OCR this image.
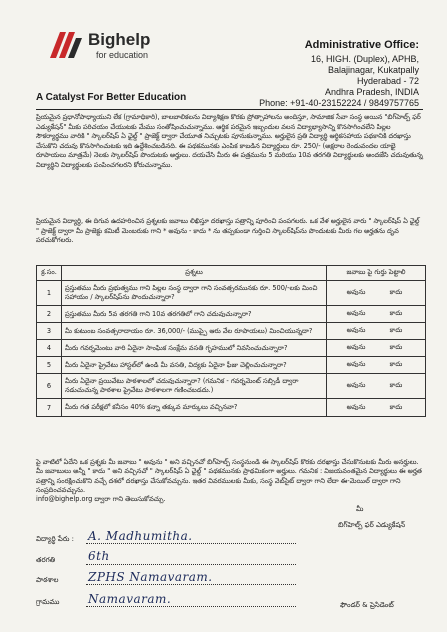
Bighelp
for education
A Catalyst For Better Education
Administrative Office:
16, HIGH. (Duplex), APHB,
Balajinagar, Kukatpally
Hyderabad - 72
Andhra Pradesh, INDIA
Phone: +91-40-23152224 / 9849757765
ప్రియమైన ప్రధానోపాధ్యాయుని లేక (గ్రామాధికారి), బాలబాలికలను విద్యాశిక్షణ కొరకు ప్రోత్సాహాలను అందిస్తూ, సామాజిక సేవా సంస్థ అయిన "బిగ్‌హెల్ప్ ఫర్ ఎడ్యుకేషన్" మీకు పరిచయం చేయుటకు మేము సంతోషించుచున్నాము. ఆర్థిక పరమైన ఇబ్బందుల వలన విద్యాభ్యాసాన్ని కొనసాగించలేని పిల్లల సౌకర్యార్థము వారికి " స్కాలర్‌షిప్ ఏ ఛైల్డ్ " ప్రాజెక్ట్ ద్వారా చేయూత నిచ్చుటకు పూనుకున్నాము. అర్హులైన ప్రతి విద్యార్థి ఆర్థికసహాయ పథకానికి దరఖాస్తు చేసుకొని చదువు కొనసాగించుటకు ఇది ఉద్దేశించబడినది. ఈ పథకమునకు ఎంపిక కాబడిన విద్యార్థులు రూ. 250/- (అక్షరాల రెండువందల యాభై రూపాయలు మాత్రమే) నెలకు స్కాలర్‌షిప్ పొందుటకు అర్హులు. దయచేసి మీరు ఈ పత్రమును 5 మరియు 10వ తరగతి విద్యార్థులకు అందజేసి చదువుతున్న విద్యార్థిని విద్యార్థులకు పంపించగలరని కోరుచున్నాము.
ప్రియమైన విద్యార్థి, ఈ దిగువ ఉదహరించిన ప్రశ్నలకు జవాబు లిఖిస్తూ దరఖాస్తు పత్రాన్ని పూరించి పంపగలరు. ఒక వేళ అర్హులైన వారు " స్కాలర్‌షిప్ ఏ ఛైల్డ్ " ప్రాజెక్ట్ ద్వారా మీ ప్రాజెక్టు కమిటీ మెంబరుకు గాని * అవును - కాదు * ను తప్పకుండా గుర్తించి స్కాలర్‌షిప్‌ను పొందుటకు మీరు గల అర్హతను దృవ పరచుకోగలరు.
క్ర.సం.	ప్రశ్నలు	జవాబు పై గుర్తు పెట్టాలి
1	ప్రస్తుతము మీరు ప్రభుత్వము గాని పిల్లల సంస్థ ద్వారా గాని సంవత్సరమునకు రూ. 500/-లకు మించి సహాయం / స్కాలర్‌షిప్‌ను పొందుచున్నారా?	అవును కాదు
2	ప్రస్తుతము మీరు 5వ తరగతి గాని 10వ తరగతిలో గాని చదువుచున్నారా?	అవును కాదు
3	మీ కుటుంబ సంవత్సరాదాయం రూ. 36,000/- (ముప్పై ఆరు వేల రూపాయలు) మించియున్నదా?	అవును కాదు
4	మీరు గవర్నమెంటు వారి ఏదైనా సాంఘిక సంక్షేమ వసతి గృహములో నివసించుచున్నారా?	అవును కాదు
5	మీరు ఏదైనా ప్రైవేటు హాస్టల్‌లో ఉండి మీ వసతి, విద్యకు ఏదైనా ఫీజు చెల్లించుచున్నారా?	అవును కాదు
6	మీరు ఏదైనా ప్రయివేటు పాఠశాలలో చదువుచున్నారా? (గమనిక - గవర్నమెంట్ సబ్సిడీ ద్వారా నడుచుచున్న పాఠశాల ప్రైవేటు పాఠశాలగా గణించబడదు.)	అవును కాదు
7	మీరు గత పరీక్షలో కనీసం 40% కన్నా తక్కువ మార్కులు వచ్చినవా?	అవును కాదు
పై వాటిలో ఏదేని ఒక ప్రశ్నకు మీ జవాబు " అవును " అని వచ్చినచో బిగ్‌హెల్ప్ సంస్థనుండి ఈ స్కాలర్‌షిప్ కొరకు దరఖాస్తు చేసుకొనుటకు మీరు అనర్హులు. మీ జవాబులు అన్నీ " కాదు " అని వచ్చినచో " స్కాలర్‌షిప్ ఏ ఛైల్డ్ " పథకమునకు ప్రాథమికంగా అర్హులు. గమనిక : విజయవంతమైన విద్యార్థులు ఈ అర్హత పత్రాన్ని సంరక్షించుకొని వచ్చే దశలో దరఖాస్తు చేసుకోవచ్చును. ఇతర వివరములకు మీకు, సంస్థ వెబ్‌సైట్ ద్వారా గాని లేదా ఈ-మెయిల్ ద్వారా గాని సంప్రదించవచ్చును.
info@bighelp.org ద్వారా గాని తెలుసుకోవచ్చు.
విద్యార్థి పేరు : A. Madhumitha.
తరగతి	6th
పాఠశాల ZPHS Namavaram.
గ్రామము Namavaram.
మీ
బిగ్‌హెల్ప్ ఫర్ ఎడ్యుకేషన్
ఫౌండర్ & ప్రెసిడెంట్
